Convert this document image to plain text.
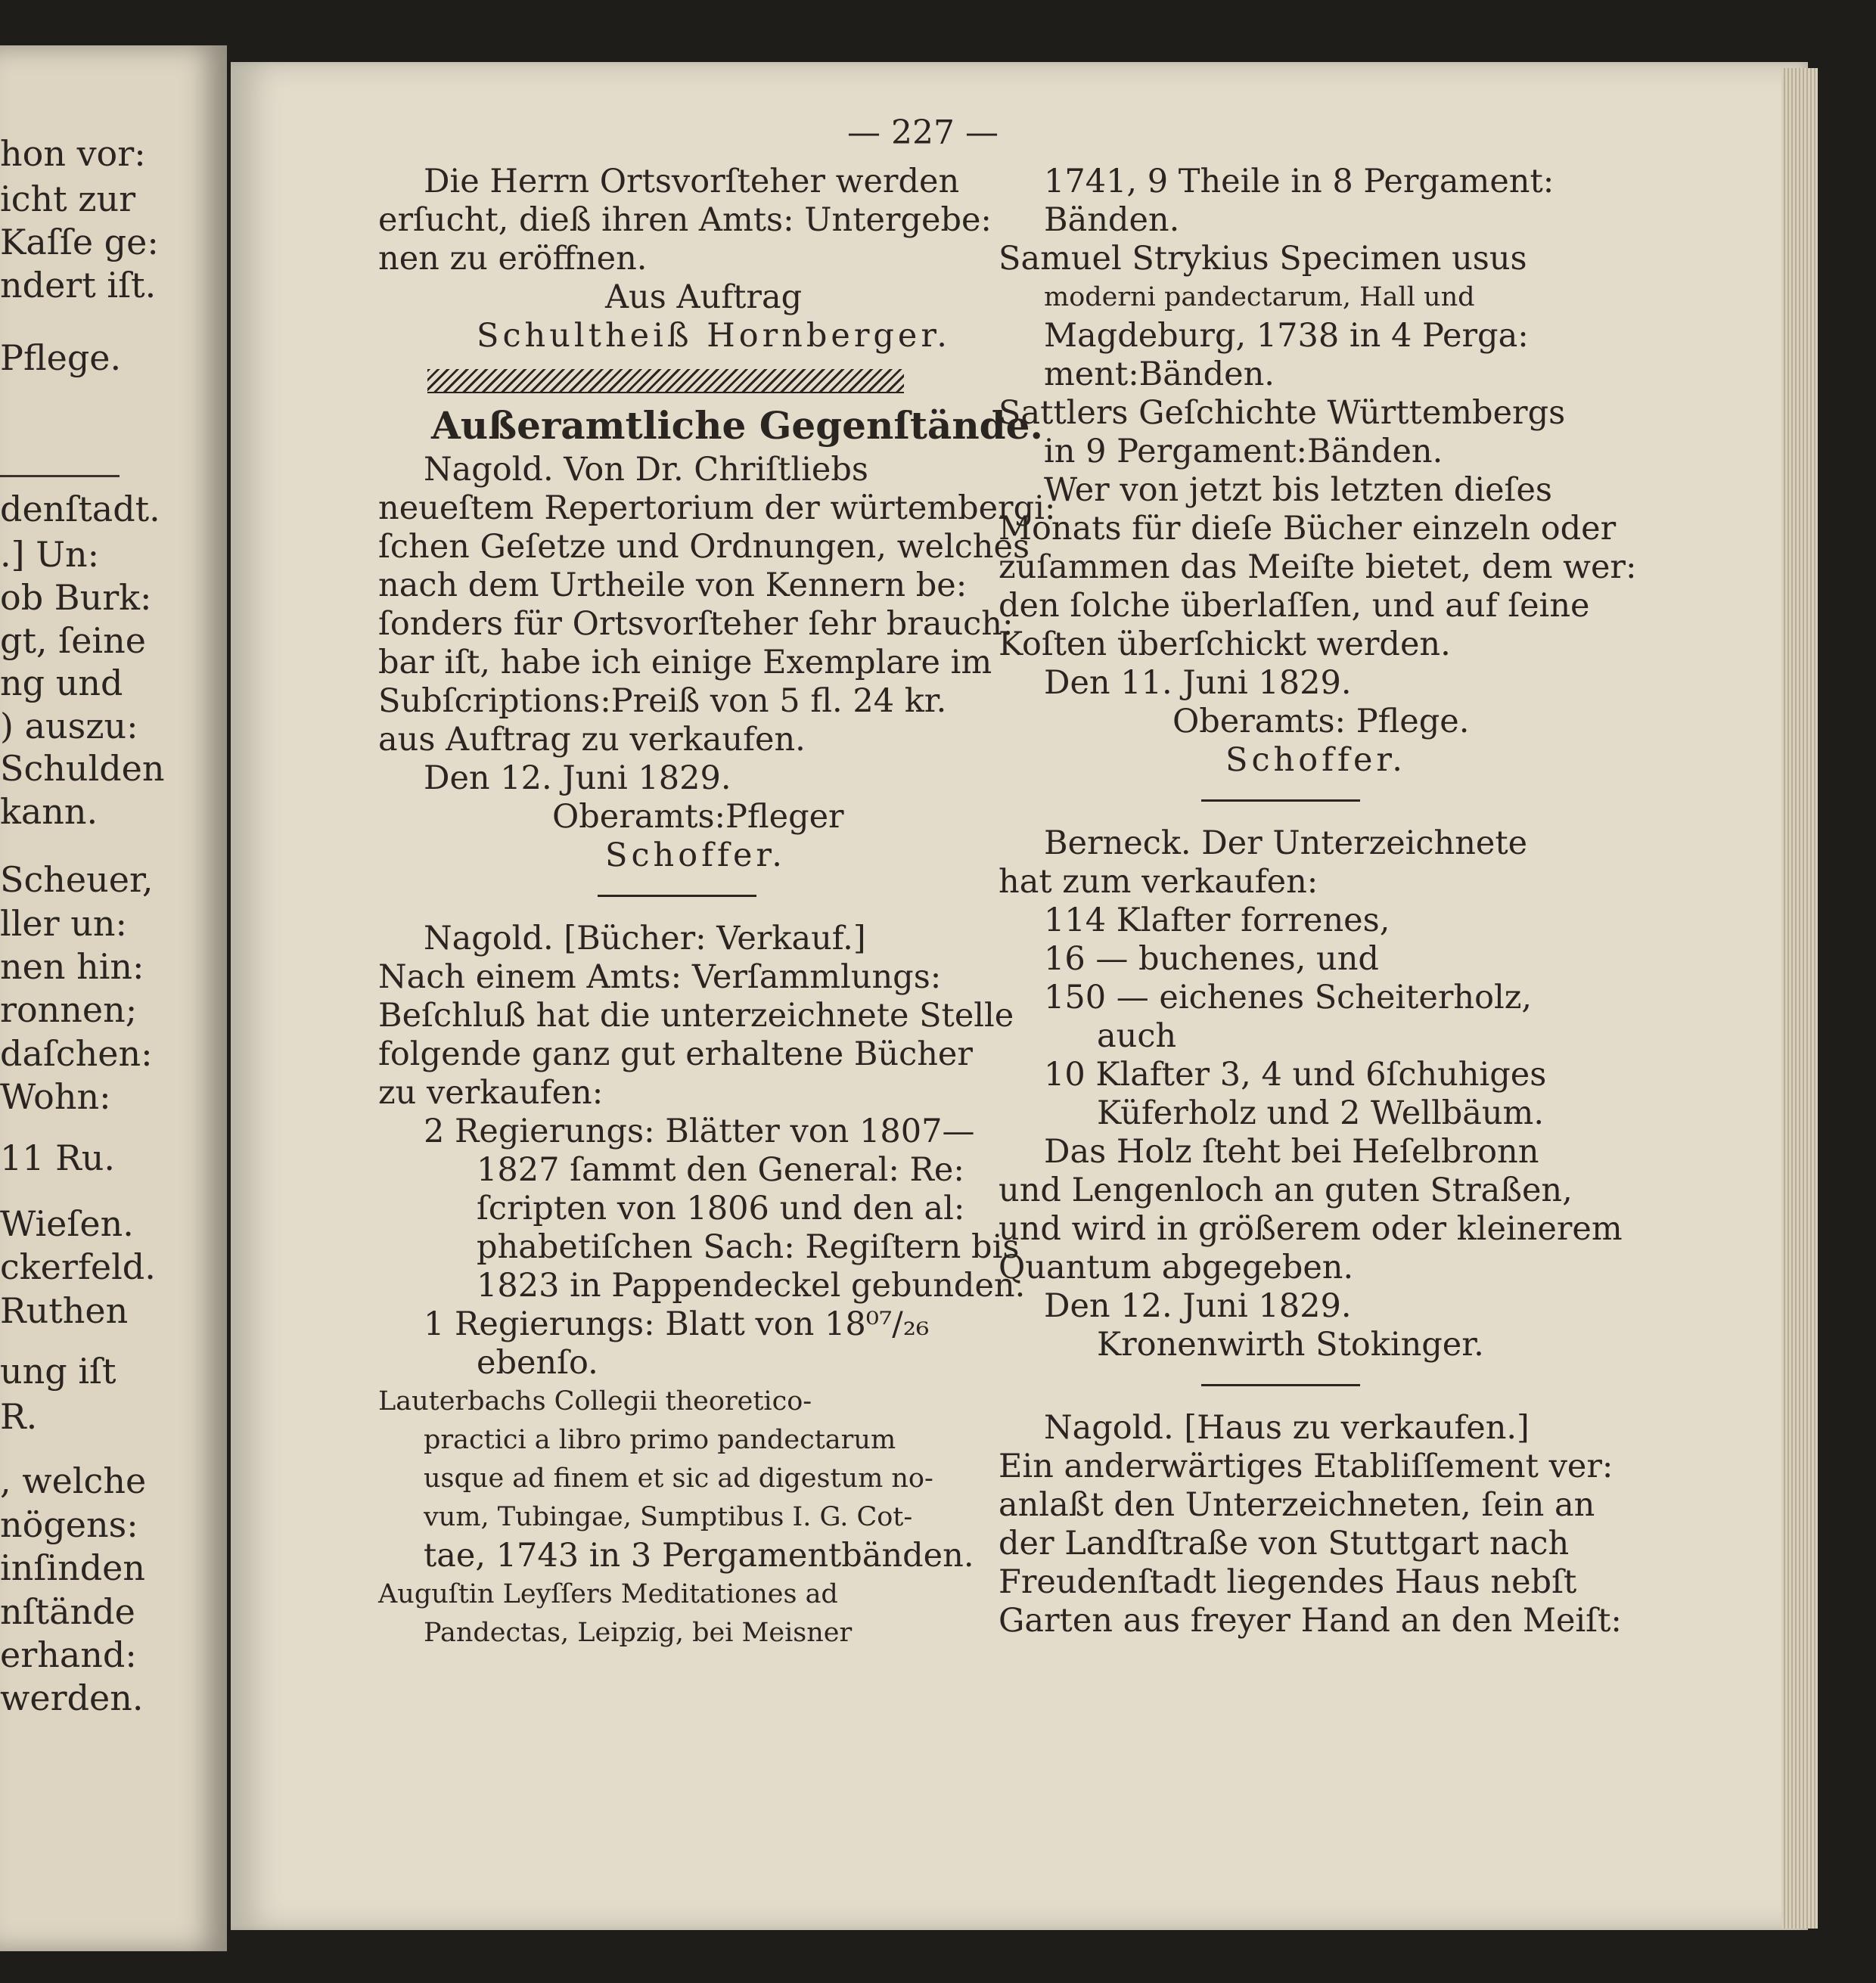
hon vor:
icht zur
Kaſſe ge:
ndert iſt.
Pflege.
denſtadt.
.] Un:
ob Burk:
gt, ſeine
ng und
) auszu:
Schulden
kann.
Scheuer,
ller un:
nen hin:
ronnen;
daſchen:
Wohn:
11 Ru.
Wieſen.
ckerfeld.
Ruthen
ung iſt
R.
, welche
nögens:
inſinden
nſtände
erhand:
werden.
— 227 —
Die Herrn Ortsvorſteher werden
erſucht, dieß ihren Amts: Untergebe:
nen zu eröffnen.
Aus Auftrag
Schultheiß Hornberger.
Außeramtliche Gegenſtände.
Nagold. Von Dr. Chriſtliebs
neueſtem Repertorium der würtembergi:
ſchen Geſetze und Ordnungen, welches
nach dem Urtheile von Kennern be:
ſonders für Ortsvorſteher ſehr brauch:
bar iſt, habe ich einige Exemplare im
Subſcriptions:Preiß von 5 fl. 24 kr.
aus Auftrag zu verkaufen.
Den 12. Juni 1829.
Oberamts:Pfleger
Schoffer.
Nagold. [Bücher: Verkauf.]
Nach einem Amts: Verſammlungs:
Beſchluß hat die unterzeichnete Stelle
folgende ganz gut erhaltene Bücher
zu verkaufen:
2 Regierungs: Blätter von 1807—
1827 ſammt den General: Re:
ſcripten von 1806 und den al:
phabetiſchen Sach: Regiſtern bis
1823 in Pappendeckel gebunden.
1 Regierungs: Blatt von 18⁰⁷/₂₆
ebenſo.
Lauterbachs Collegii theoretico-
practici a libro primo pandectarum
usque ad finem et sic ad digestum no-
vum, Tubingae, Sumptibus I. G. Cot-
tae, 1743 in 3 Pergamentbänden.
Auguſtin Leyſſers Meditationes ad
Pandectas, Leipzig, bei Meisner
1741, 9 Theile in 8 Pergament:
Bänden.
Samuel Strykius Specimen usus
moderni pandectarum, Hall und
Magdeburg, 1738 in 4 Perga:
ment:Bänden.
Sattlers Geſchichte Württembergs
in 9 Pergament:Bänden.
Wer von jetzt bis letzten dieſes
Monats für dieſe Bücher einzeln oder
zuſammen das Meiſte bietet, dem wer:
den ſolche überlaſſen, und auf ſeine
Koſten überſchickt werden.
Den 11. Juni 1829.
Oberamts: Pflege.
Schoffer.
Berneck. Der Unterzeichnete
hat zum verkaufen:
114 Klafter forrenes,
16 — buchenes, und
150 — eichenes Scheiterholz,
auch
10 Klafter 3, 4 und 6ſchuhiges
Küferholz und 2 Wellbäum.
Das Holz ſteht bei Heſelbronn
und Lengenloch an guten Straßen,
und wird in größerem oder kleinerem
Quantum abgegeben.
Den 12. Juni 1829.
Kronenwirth Stokinger.
Nagold. [Haus zu verkaufen.]
Ein anderwärtiges Etabliſſement ver:
anlaßt den Unterzeichneten, ſein an
der Landſtraße von Stuttgart nach
Freudenſtadt liegendes Haus nebſt
Garten aus freyer Hand an den Meiſt:
